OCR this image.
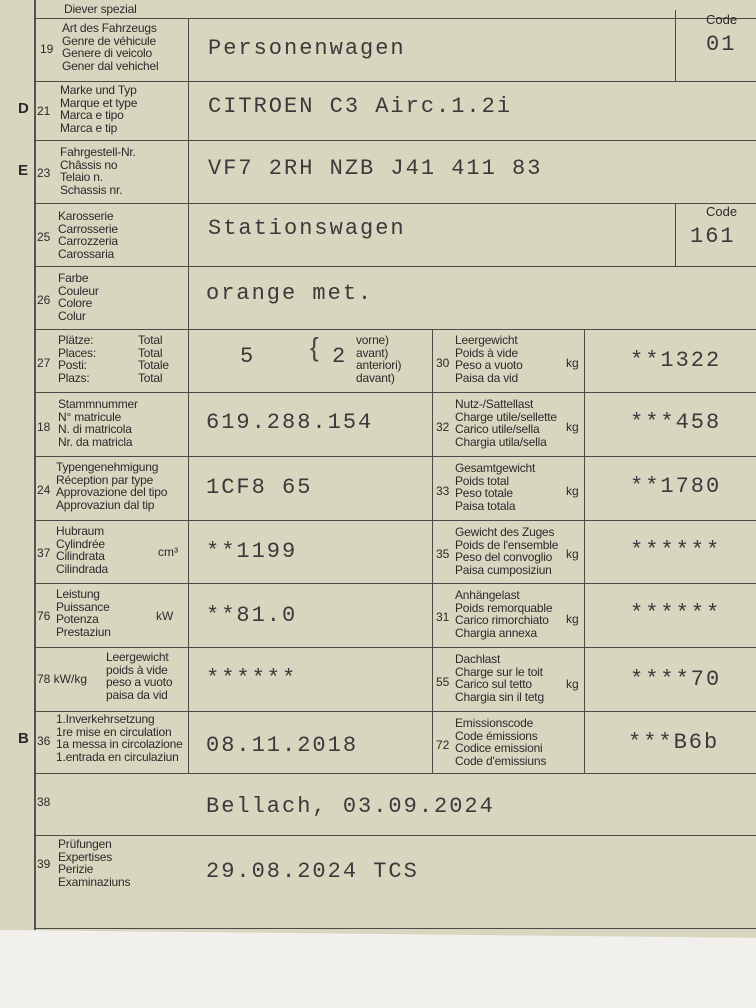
Diever spezial
19
Art des Fahrzeugs
Genre de véhicule
Genere di veicolo
Gener dal vehichel
Personenwagen
Code
01
D 21
Marke und Typ
Marque et type
Marca e tipo
Marca e tip
CITROEN C3 Airc.1.2i
E 23
Fahrgestell-Nr.
Châssis no
Telaio n.
Schassis nr.
VF7 2RH NZB J41 411 83
25
Karosserie
Carrosserie
Carrozzeria
Carossaria
Stationswagen
Code
161
26
Farbe
Couleur
Colore
Colur
orange met.
27
Plätze:
Places:
Posti:
Plazs:
Total
Total
Totale
Total
5 { 2
vorne)
avant)
anteriori)
davant)
18
Stammnummer
N° matricule
N. di matricola
Nr. da matricla
619.288.154
24
Typengenehmigung
Réception par type
Approvazione del tipo
Approvaziun dal tip
1CF8 65
37
Hubraum
Cylindrée
Cilindrata
Cilindrada
cm³ **1199
76
Leistung
Puissance
Potenza
Prestaziun
kW **81.0
78 kW/kg
Leergewicht
poids à vide
peso a vuoto
paisa da vid
******
B 36
1.Inverkehrsetzung
1re mise en circulation
1a messa in circolazione
1.entrada en circulaziun 08.11.2018
30
Leergewicht
Poids à vide
Peso a vuoto
Paisa da vid
kg **1322
32
Nutz-/Sattellast
Charge utile/sellette
Carico utile/sella
Chargia utila/sella
kg ***458
33
Gesamtgewicht
Poids total
Peso totale
Paisa totala
kg **1780
35
Gewicht des Zuges
Poids de l'ensemble
Peso del convoglio
Paisa cumposiziun
kg ******
31
Anhängelast
Poids remorquable
Carico rimorchiato
Chargia annexa
kg ******
55
Dachlast
Charge sur le toit
Carico sul tetto
Chargia sin il tetg
kg ****70
72
Emissionscode
Code émissions
Codice emissioni
Code d'emissiuns
***B6b
38	Bellach, 03.09.2024
39
Prüfungen
Expertises
Perizie
Examinaziuns	29.08.2024 TCS
